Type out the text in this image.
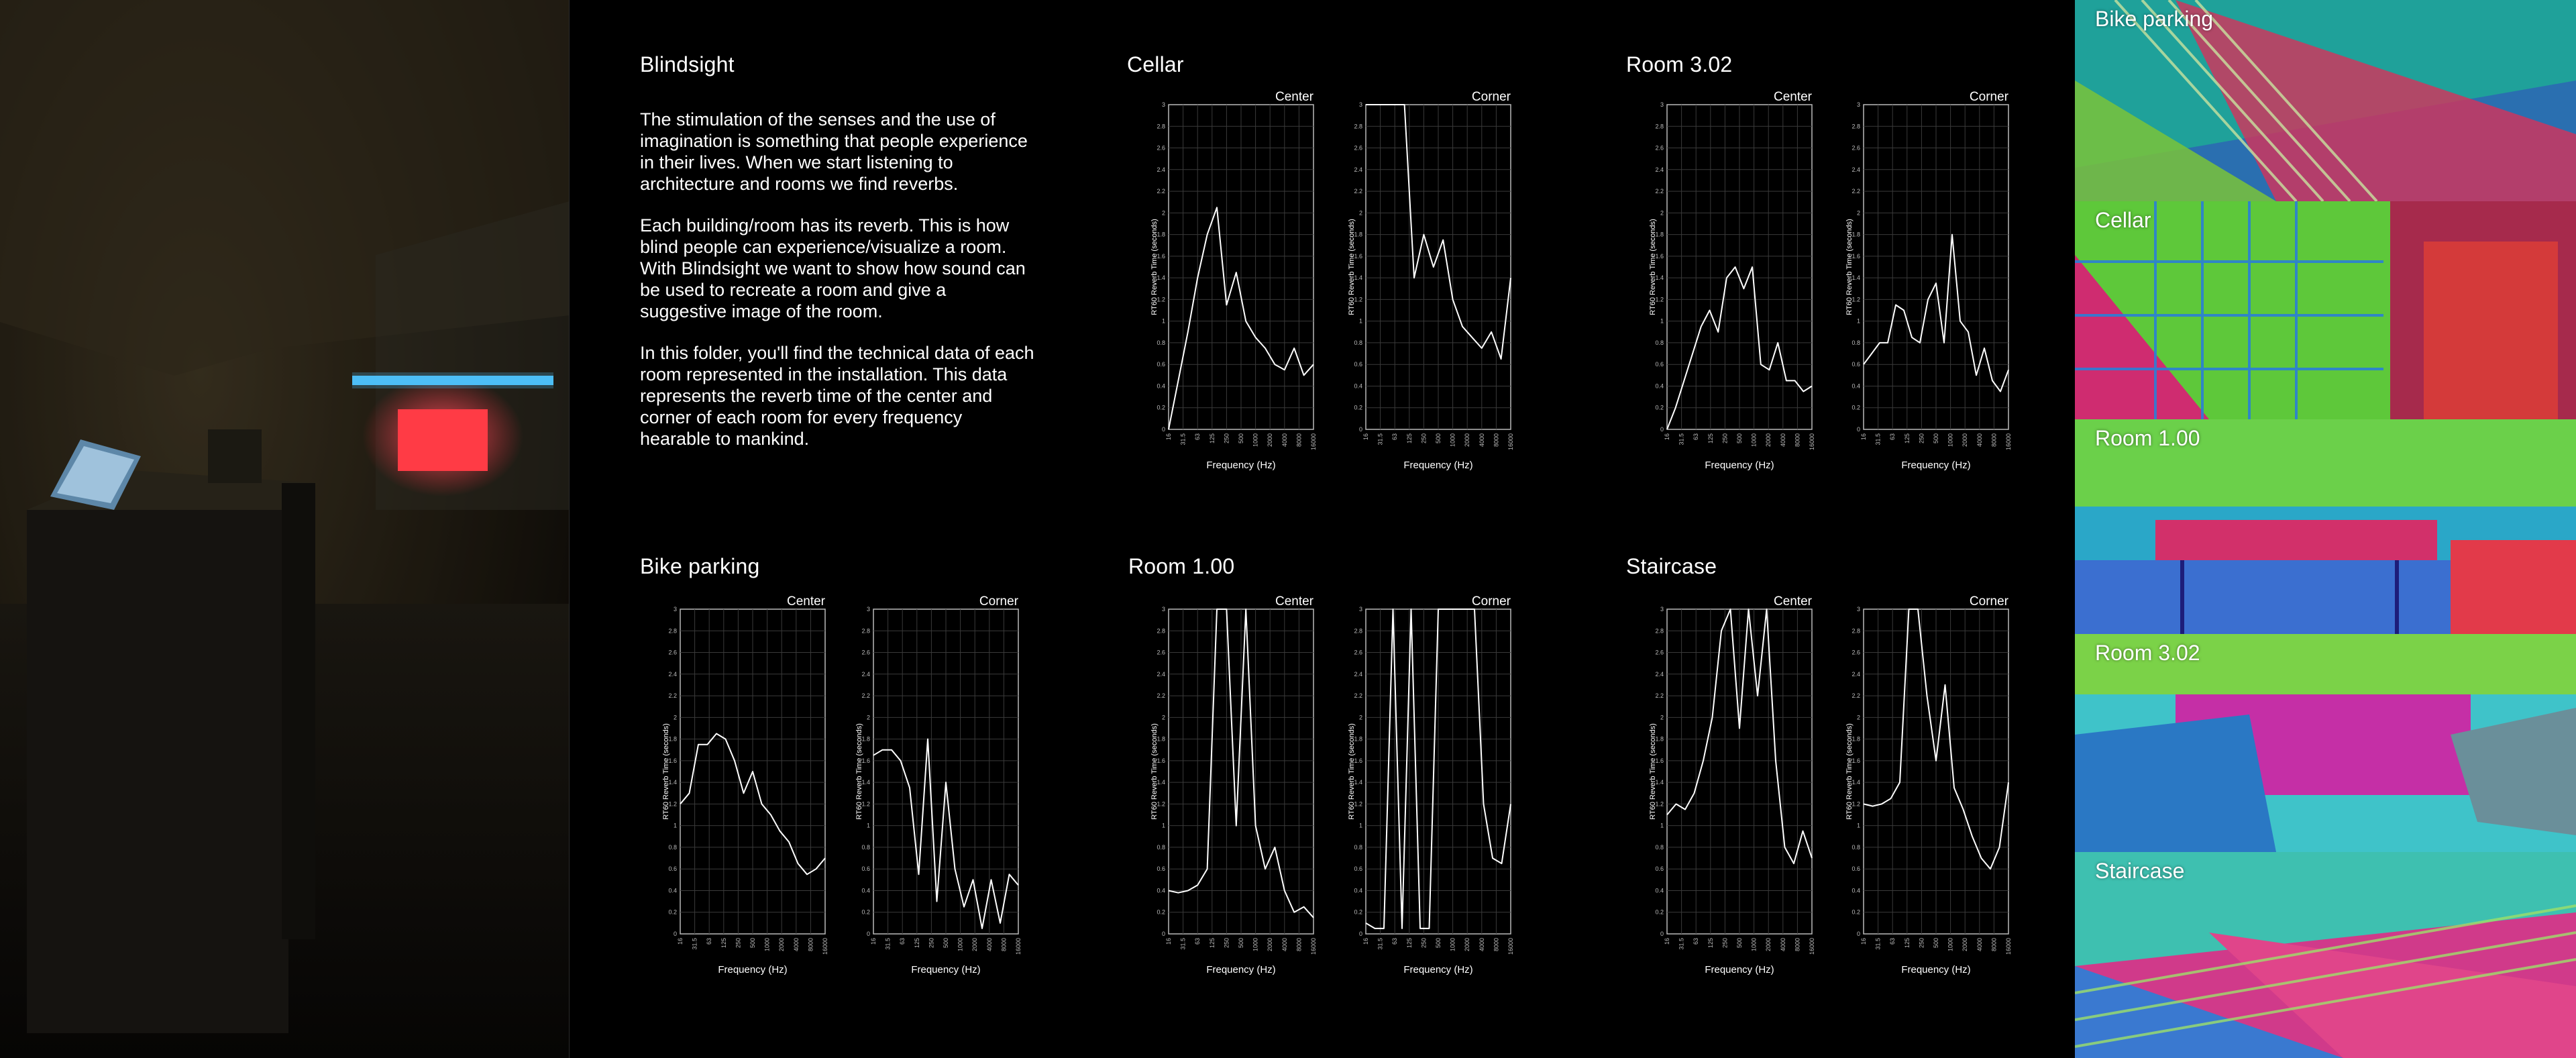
Blindsight

The stimulation of the senses and the use of imagination is something that people experience in their lives. When we start listening to architecture and rooms we find reverbs.

Each building/room has its reverb. This is how blind people can experience/visualize a room. With Blindsight we want to show how sound can be used to recreate a room and give a suggestive image of the room.

In this folder, you'll find the technical data of each room represented in the installation. This data represents the reverb time of the center and corner of each room for every frequency hearable to mankind.

Cellar	Room 3.02
Bike parking	Room 1.00	Staircase
Center
0
0.2
0.4
0.6
0.8
1
1.2
1.4
1.6
1.8
2
2.2
2.4
2.6
2.8
3
16 31.5 63 125 250 500 1000 2000 4000 8000 16000
Frequency (Hz)
RT60 Reverb Time (seconds)
Corner
0
0.2
0.4
0.6
0.8
1
1.2
1.4
1.6
1.8
2
2.2
2.4
2.6
2.8
3
16 31.5 63 125 250 500 1000 2000 4000 8000 16000
Frequency (Hz)
RT60 Reverb Time (seconds)
Center
0
0.2
0.4
0.6
0.8
1
1.2
1.4
1.6
1.8
2
2.2
2.4
2.6
2.8
3
16 31.5 63 125 250 500 1000 2000 4000 8000 16000
Frequency (Hz)
RT60 Reverb Time (seconds)
Corner
0
0.2
0.4
0.6
0.8
1
1.2
1.4
1.6
1.8
2
2.2
2.4
2.6
2.8
3
16 31.5 63 125 250 500 1000 2000 4000 8000 16000
Frequency (Hz)
RT60 Reverb Time (seconds)
Center
0
0.2
0.4
0.6
0.8
1
1.2
1.4
1.6
1.8
2
2.2
2.4
2.6
2.8
3
16 31.5 63 125 250 500 1000 2000 4000 8000 16000
Frequency (Hz)
RT60 Reverb Time (seconds)
Corner
0
0.2
0.4
0.6
0.8
1
1.2
1.4
1.6
1.8
2
2.2
2.4
2.6
2.8
3
16 31.5 63 125 250 500 1000 2000 4000 8000 16000
Frequency (Hz)
RT60 Reverb Time (seconds)
Center
0
0.2
0.4
0.6
0.8
1
1.2
1.4
1.6
1.8
2
2.2
2.4
2.6
2.8
3
16 31.5 63 125 250 500 1000 2000 4000 8000 16000
Frequency (Hz)
RT60 Reverb Time (seconds)
Corner
0
0.2
0.4
0.6
0.8
1
1.2
1.4
1.6
1.8
2
2.2
2.4
2.6
2.8
3
16 31.5 63 125 250 500 1000 2000 4000 8000 16000
Frequency (Hz)
RT60 Reverb Time (seconds)
Center
0
0.2
0.4
0.6
0.8
1
1.2
1.4
1.6
1.8
2
2.2
2.4
2.6
2.8
3
16 31.5 63 125 250 500 1000 2000 4000 8000 16000
Frequency (Hz)
RT60 Reverb Time (seconds)
Corner
0
0.2
0.4
0.6
0.8
1
1.2
1.4
1.6
1.8
2
2.2
2.4
2.6
2.8
3
16 31.5 63 125 250 500 1000 2000 4000 8000 16000
Frequency (Hz)
RT60 Reverb Time (seconds)
Bike parking
Cellar
Room 1.00
Room 3.02
Staircase
